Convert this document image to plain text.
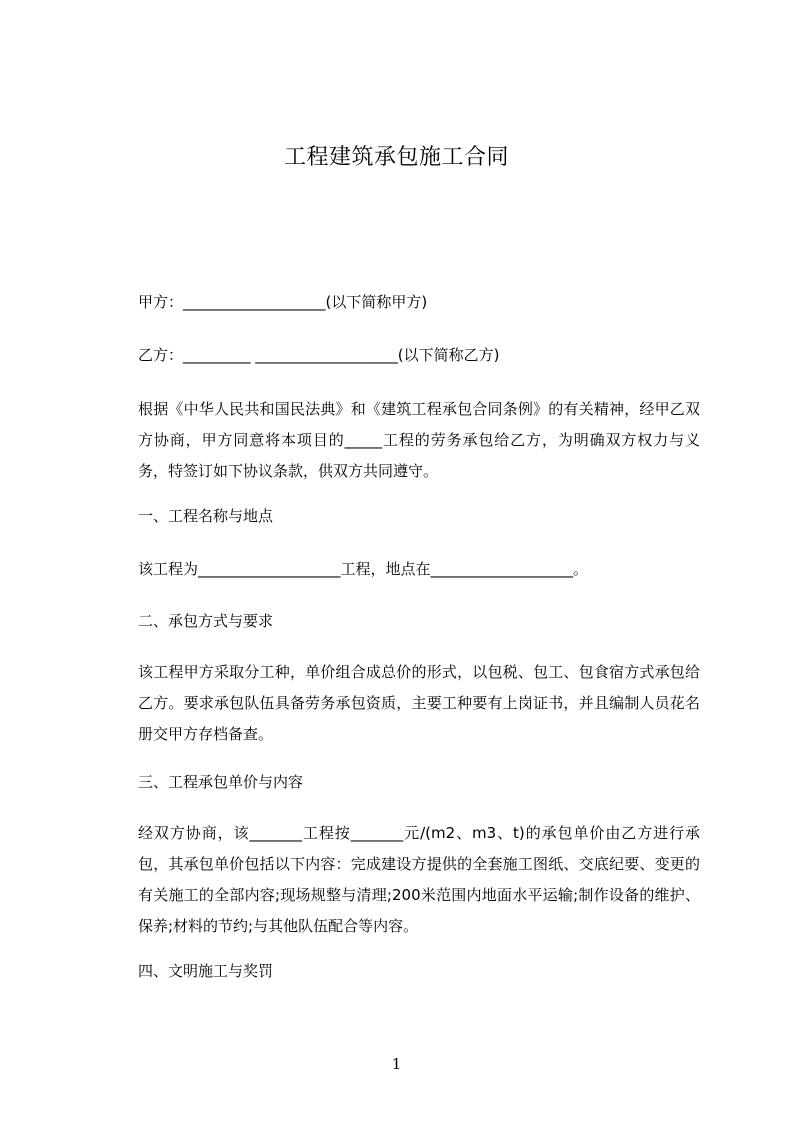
工程建筑承包施工合同
甲方：___________________(以下简称甲方)
乙方：_________ ___________________(以下简称乙方)
根据《中华人民共和国民法典》和《建筑工程承包合同条例》的有关精神，经甲乙双方协商，甲方同意将本项目的_____工程的劳务承包给乙方，为明确双方权力与义务，特签订如下协议条款，供双方共同遵守。
一、工程名称与地点
该工程为___________________工程，地点在___________________。
二、承包方式与要求
该工程甲方采取分工种，单价组合成总价的形式，以包税、包工、包食宿方式承包给乙方。要求承包队伍具备劳务承包资质，主要工种要有上岗证书，并且编制人员花名册交甲方存档备查。
三、工程承包单价与内容
经双方协商，该_______工程按_______元/(m2、m3、t)的承包单价由乙方进行承包，其承包单价包括以下内容：完成建设方提供的全套施工图纸、交底纪要、变更的有关施工的全部内容;现场规整与清理;200米范围内地面水平运输;制作设备的维护、保养;材料的节约;与其他队伍配合等内容。
四、文明施工与奖罚
1
